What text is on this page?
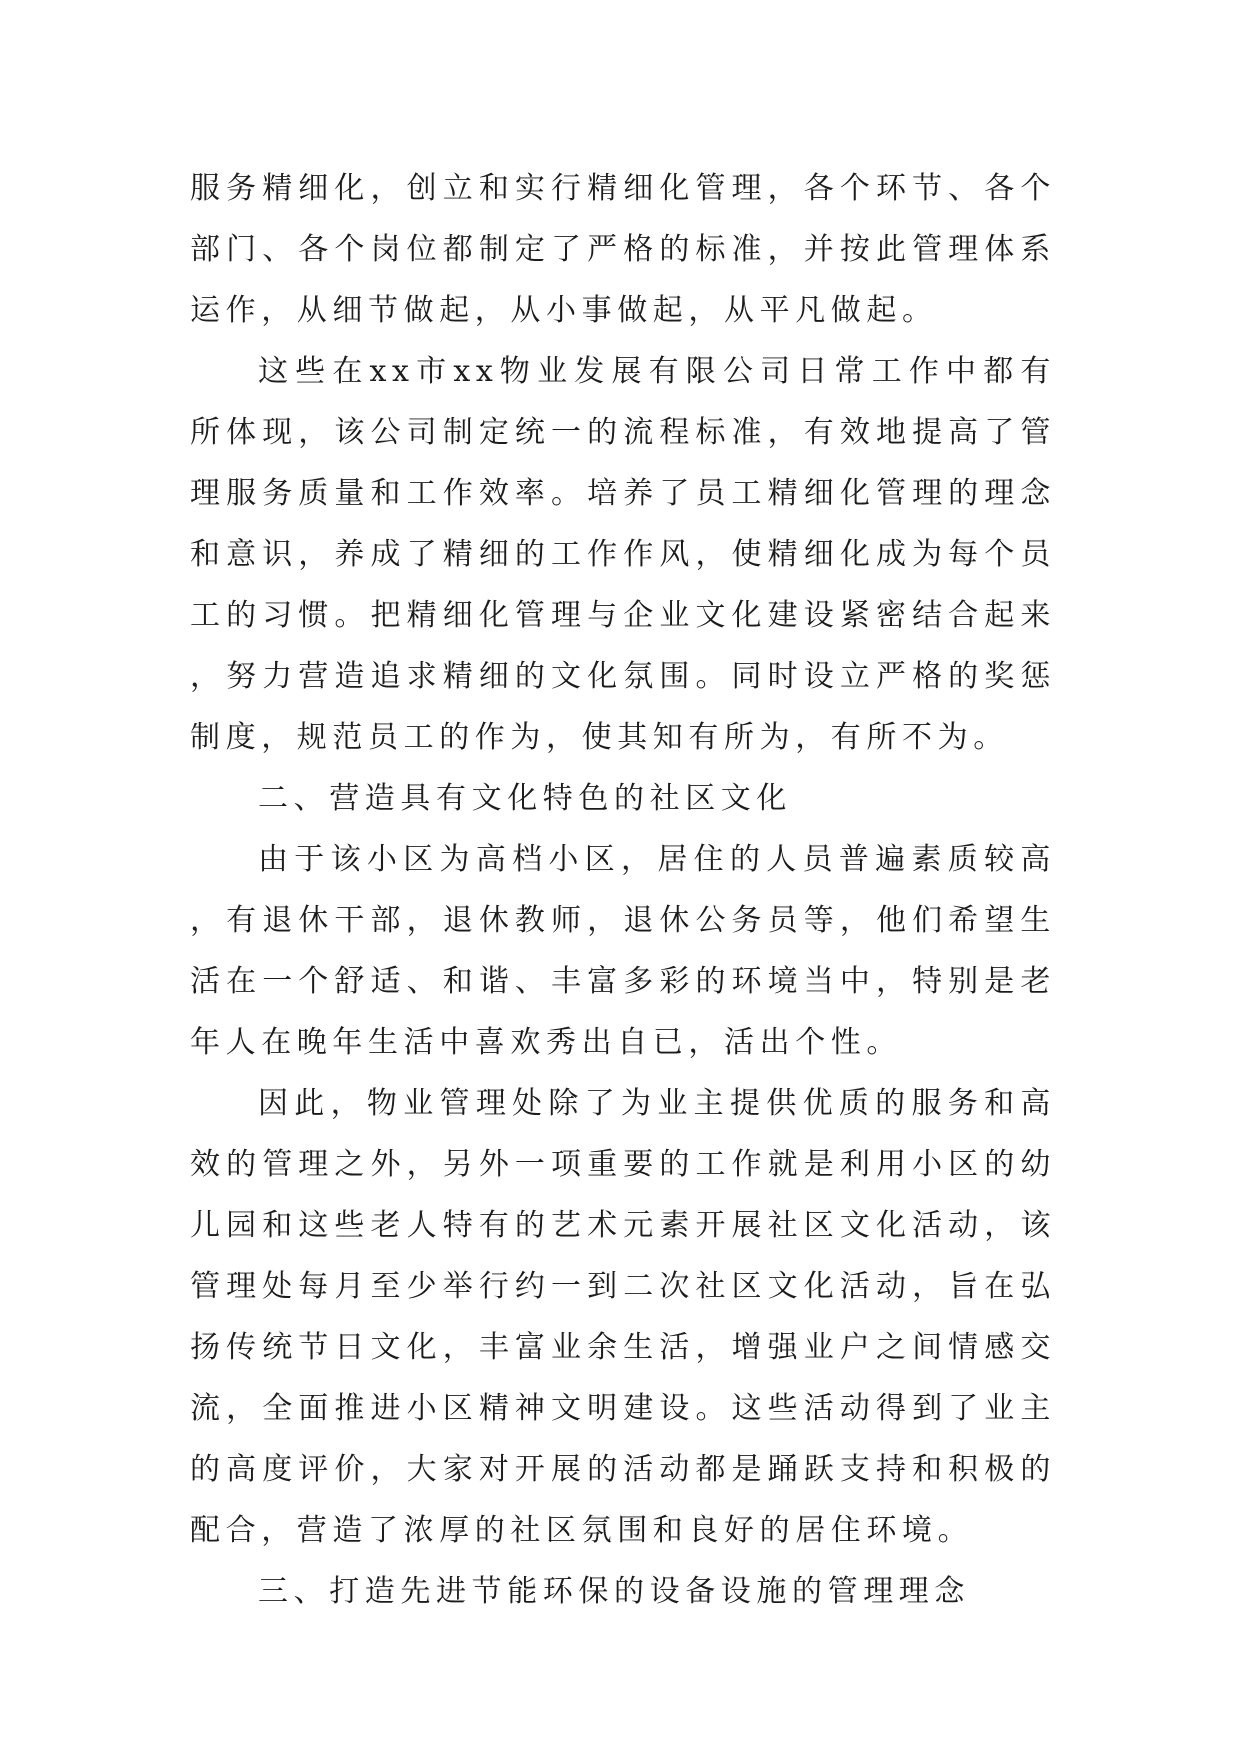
服务精细化，创立和实行精细化管理，各个环节、各个部门、各个岗位都制定了严格的标准，并按此管理体系运作，从细节做起，从小事做起，从平凡做起。

这些在xx市xx物业发展有限公司日常工作中都有所体现，该公司制定统一的流程标准，有效地提高了管理服务质量和工作效率。培养了员工精细化管理的理念和意识，养成了精细的工作作风，使精细化成为每个员工的习惯。把精细化管理与企业文化建设紧密结合起来，努力营造追求精细的文化氛围。同时设立严格的奖惩制度，规范员工的作为，使其知有所为，有所不为。

二、营造具有文化特色的社区文化

由于该小区为高档小区，居住的人员普遍素质较高，有退休干部，退休教师，退休公务员等，他们希望生活在一个舒适、和谐、丰富多彩的环境当中，特别是老年人在晚年生活中喜欢秀出自已，活出个性。

因此，物业管理处除了为业主提供优质的服务和高效的管理之外，另外一项重要的工作就是利用小区的幼儿园和这些老人特有的艺术元素开展社区文化活动，该管理处每月至少举行约一到二次社区文化活动，旨在弘扬传统节日文化，丰富业余生活，增强业户之间情感交流，全面推进小区精神文明建设。这些活动得到了业主的高度评价，大家对开展的活动都是踊跃支持和积极的配合，营造了浓厚的社区氛围和良好的居住环境。

三、打造先进节能环保的设备设施的管理理念
